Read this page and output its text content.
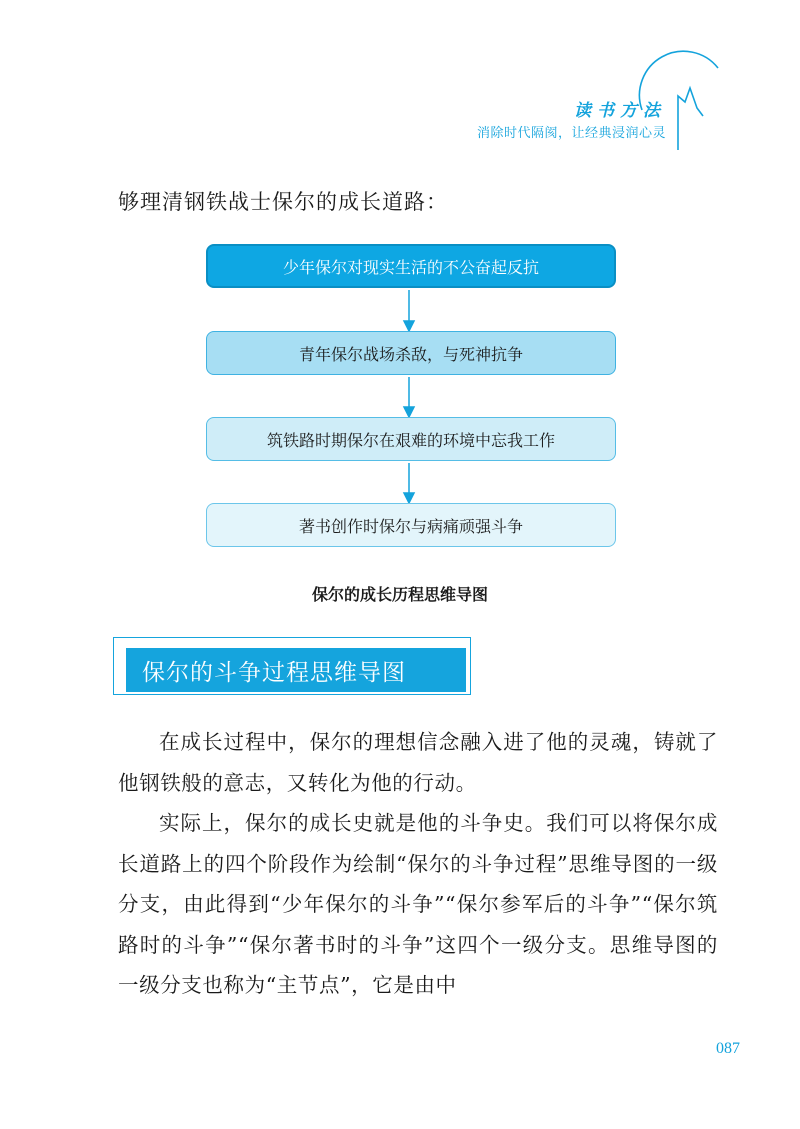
读书方法
消除时代隔阂，让经典浸润心灵
够理清钢铁战士保尔的成长道路：
少年保尔对现实生活的不公奋起反抗
青年保尔战场杀敌，与死神抗争
筑铁路时期保尔在艰难的环境中忘我工作
著书创作时保尔与病痛顽强斗争
保尔的成长历程思维导图
保尔的斗争过程思维导图

在成长过程中，保尔的理想信念融入进了他的灵魂，铸就了他钢铁般的意志，又转化为他的行动。

实际上，保尔的成长史就是他的斗争史。我们可以将保尔成长道路上的四个阶段作为绘制“保尔的斗争过程”思维导图的一级分支，由此得到“少年保尔的斗争”“保尔参军后的斗争”“保尔筑路时的斗争”“保尔著书时的斗争”这四个一级分支。思维导图的一级分支也称为“主节点”，它是由中

087
